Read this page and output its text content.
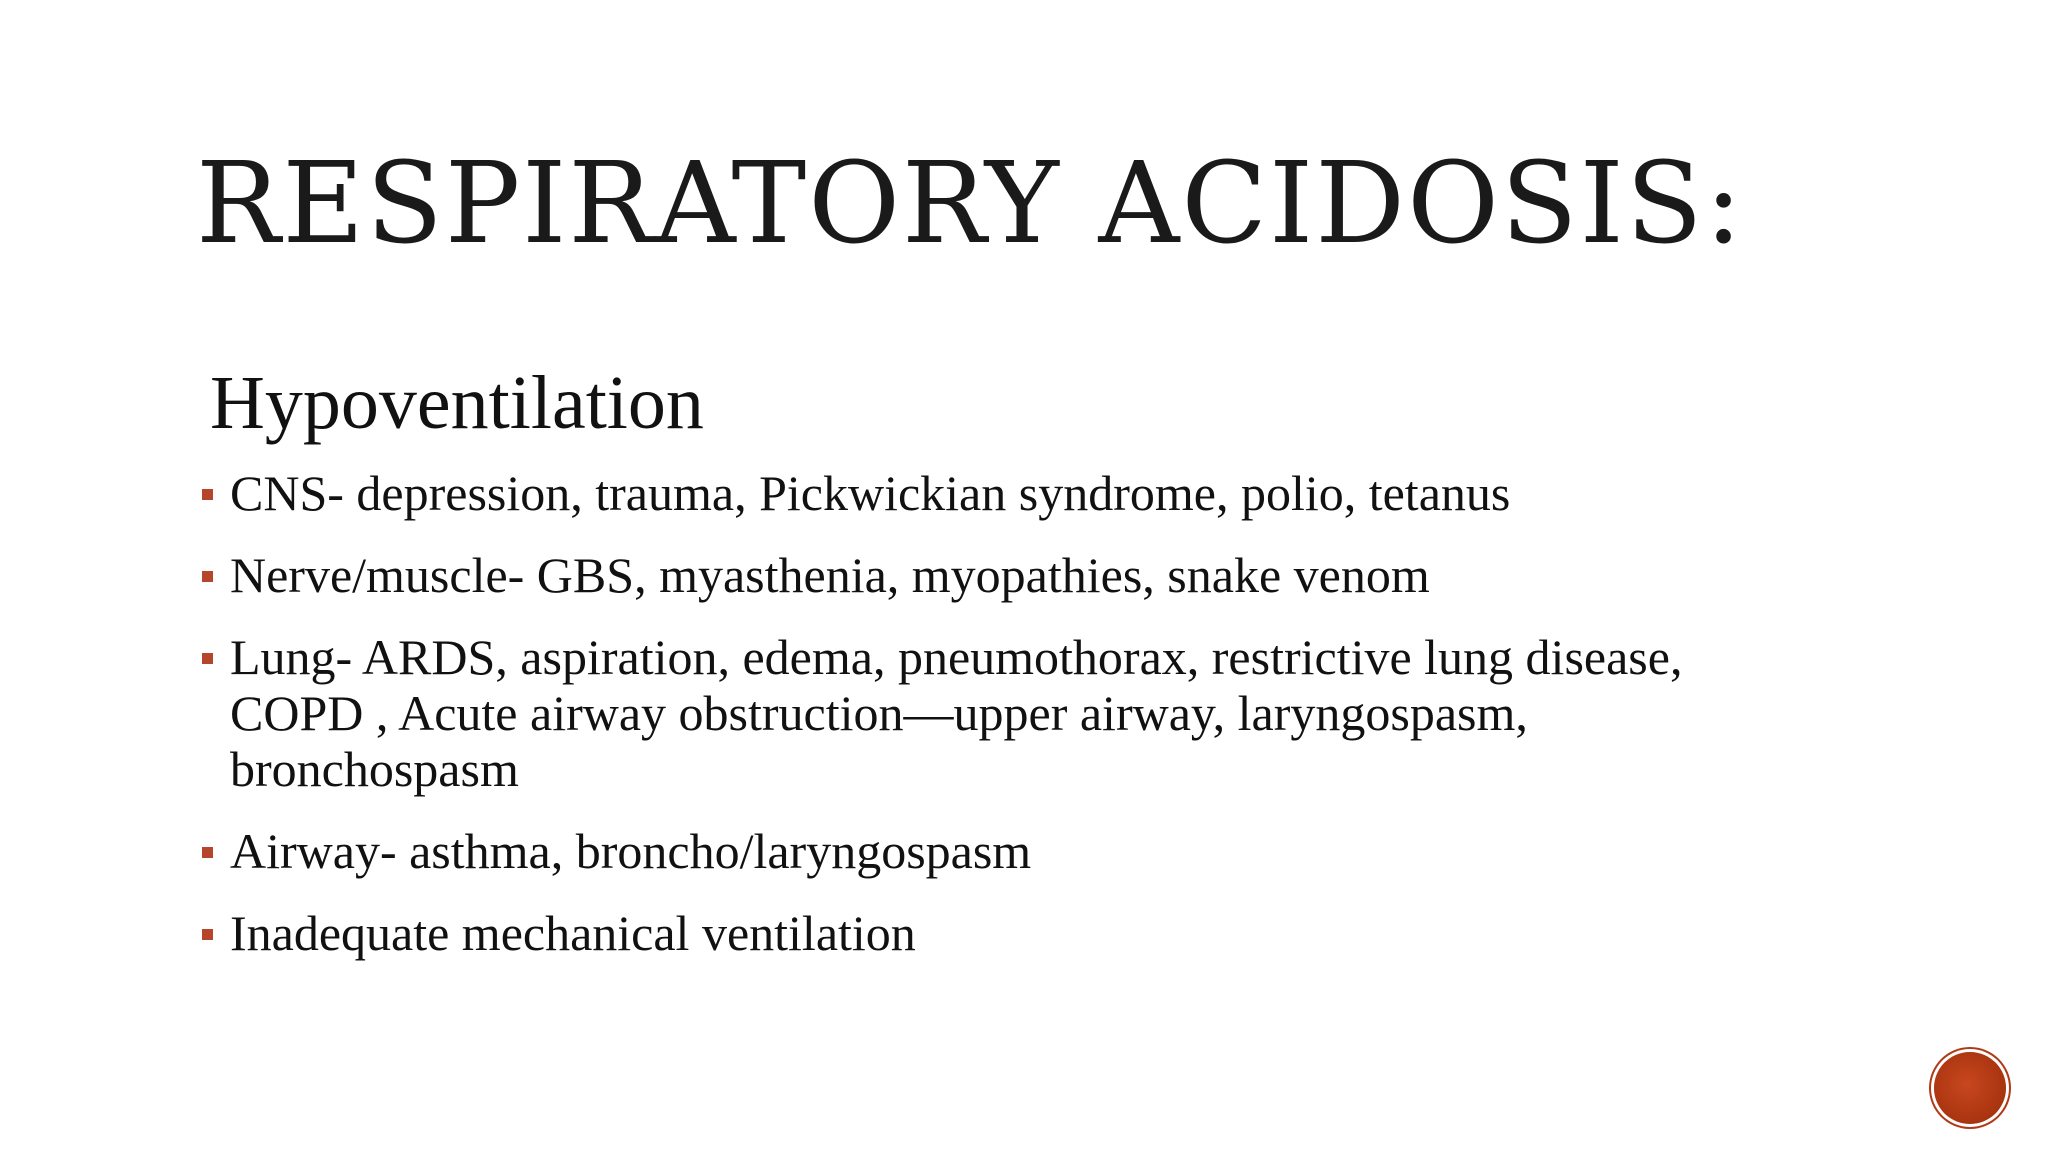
RESPIRATORY ACIDOSIS:
Hypoventilation
CNS- depression, trauma, Pickwickian syndrome, polio, tetanus
Nerve/muscle- GBS, myasthenia, myopathies, snake venom
Lung- ARDS, aspiration, edema, pneumothorax, restrictive lung disease, COPD , Acute airway obstruction—upper airway, laryngospasm, bronchospasm
Airway- asthma, broncho/laryngospasm
Inadequate mechanical ventilation
